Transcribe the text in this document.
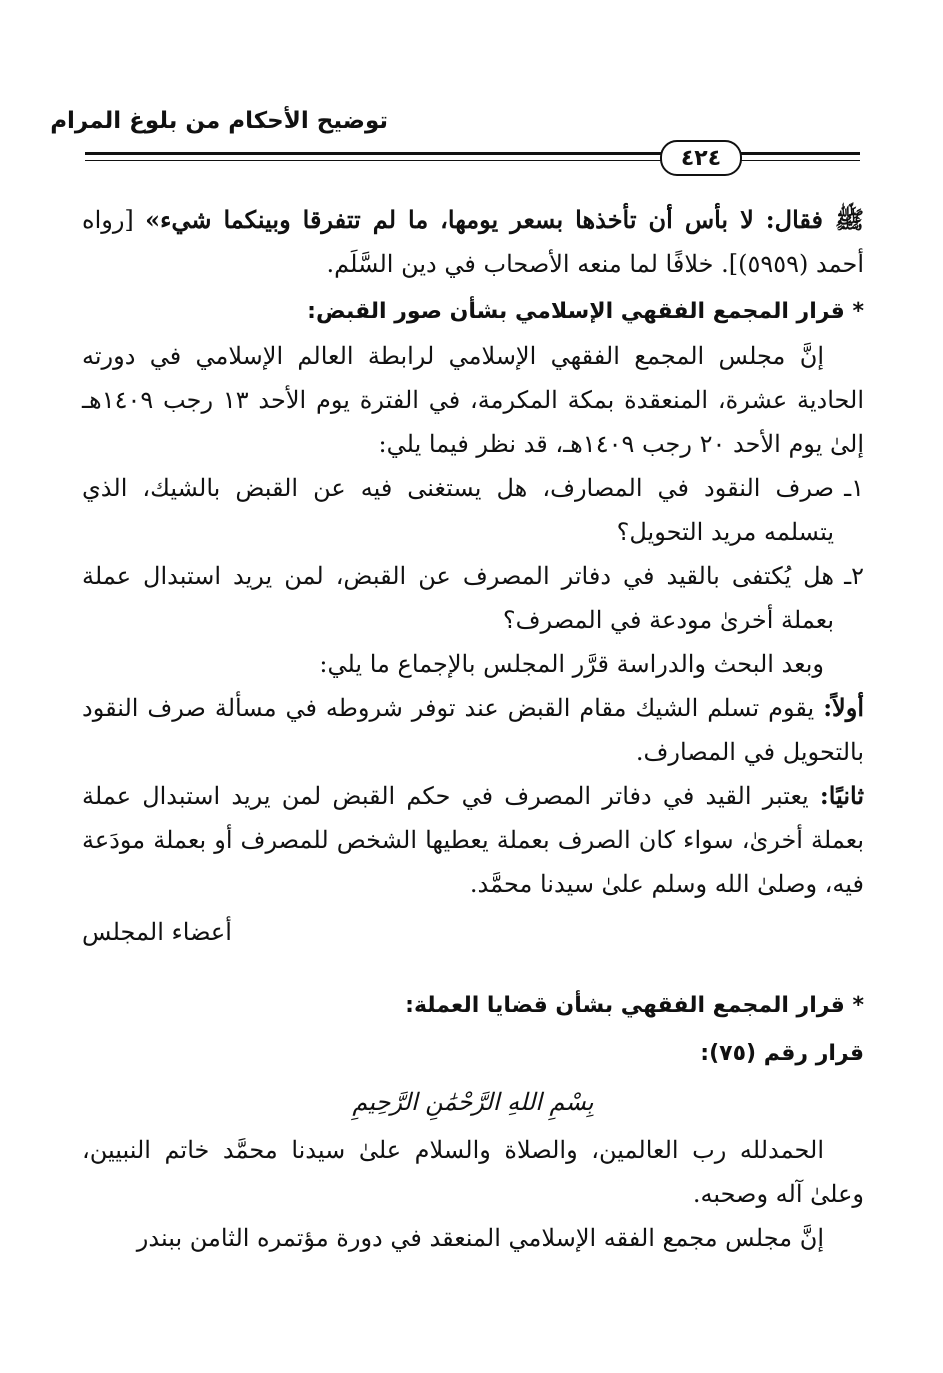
توضيح الأحكام من بلوغ المرام
٤٢٤

ﷺ فقال: لا بأس أن تأخذها بسعر يومها، ما لم تتفرقا وبينكما شيء» [رواه أحمد (٥٩٥٩)]. خلافًا لما منعه الأصحاب في دين السَّلَم.

* قرار المجمع الفقهي الإسلامي بشأن صور القبض:

إنَّ مجلس المجمع الفقهي الإسلامي لرابطة العالم الإسلامي في دورته الحادية عشرة، المنعقدة بمكة المكرمة، في الفترة يوم الأحد ١٣ رجب ١٤٠٩هـ إلىٰ يوم الأحد ٢٠ رجب ١٤٠٩هـ، قد نظر فيما يلي:

١ـصرف النقود في المصارف، هل يستغنى فيه عن القبض بالشيك، الذي يتسلمه مريد التحويل؟

٢ـهل يُكتفى بالقيد في دفاتر المصرف عن القبض، لمن يريد استبدال عملة بعملة أخرىٰ مودعة في المصرف؟

وبعد البحث والدراسة قرَّر المجلس بالإجماع ما يلي:

أولاً: يقوم تسلم الشيك مقام القبض عند توفر شروطه في مسألة صرف النقود بالتحويل في المصارف.

ثانيًا: يعتبر القيد في دفاتر المصرف في حكم القبض لمن يريد استبدال عملة بعملة أخرىٰ، سواء كان الصرف بعملة يعطيها الشخص للمصرف أو بعملة مودَعة فيه، وصلىٰ الله وسلم علىٰ سيدنا محمَّد.

أعضاء المجلس

* قرار المجمع الفقهي بشأن قضايا العملة:

قرار رقم (٧٥):

بِسْمِ اللهِ الرَّحْمَٰنِ الرَّحِيمِ

الحمدلله رب العالمين، والصلاة والسلام علىٰ سيدنا محمَّد خاتم النبيين، وعلىٰ آله وصحبه.

إنَّ مجلس مجمع الفقه الإسلامي المنعقد في دورة مؤتمره الثامن ببندر
